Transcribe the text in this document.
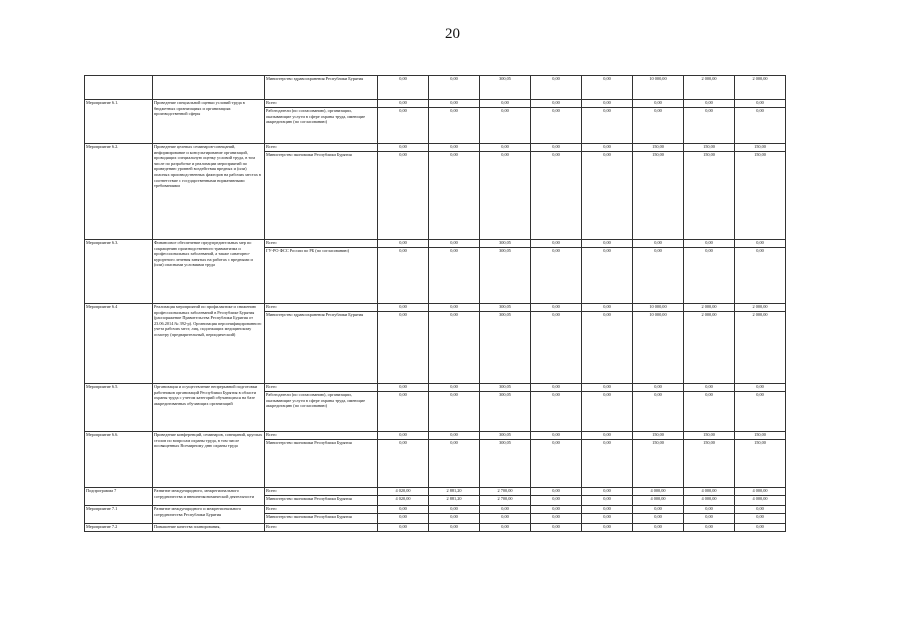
20
		Министерство здравоохранения Республики Бурятия	0,00	0,00	300,05	0,00	0,00	10 000,00	2 000,00	2 000,00
Мероприятие 6.1.	Проведение специальной оценки условий труда в бюджетных организациях и организациях производственной сферы	Всего	0,00	0,00	0,00	0,00	0,00	0,00	0,00	0,00
		Работодатели (по согласованию), организации, оказывающие услуги в сфере охраны труда, имеющие аккредитацию (по согласованию)	0,00	0,00	0,00	0,00	0,00	0,00	0,00	0,00
Мероприятие 6.2.	Проведение целевых семинаров-совещаний, информирование и консультирование организаций, проводящих специальную оценку условий труда, в том числе по разработке и реализации мероприятий по приведению уровней воздействия вредных и (или) опасных производственных факторов на рабочих местах в соответствие с государственными нормативными требованиями	Всего	0,00	0,00	0,00	0,00	0,00	150,00	150,00	150,00
		Министерство экономики Республики Бурятия	0,00	0,00	0,00	0,00	0,00	150,00	150,00	150,00
Мероприятие 6.3.	Финансовое обеспечение предупредительных мер по сокращению производственного травматизма и профессиональных заболеваний, а также санаторно-курортного лечения занятых на работах с вредными и (или) опасными условиями труда	Всего	0,00	0,00	300,05	0,00	0,00	0,00	0,00	0,00
		ГУ-РО ФСС России по РБ (по согласованию)	0,00	0,00	300,05	0,00	0,00	0,00	0,00	0,00
Мероприятие 6.4	Реализация мероприятий по профилактике и снижению профессиональных заболеваний в Республике Бурятия (распоряжение Правительства Республики Бурятия от 23.06.2014 № 392-р). Организация персонифицированного учета рабочих мест, лиц, подлежащих медицинскому осмотру (предварительный, периодический)	Всего	0,00	0,00	300,05	0,00	0,00	10 000,00	2 000,00	2 000,00
		Министерство здравоохранения Республики Бурятия	0,00	0,00	300,05	0,00	0,00	10 000,00	2 000,00	2 000,00
Мероприятие 6.5.	Организация и осуществление непрерывной подготовки работников организаций Республики Бурятия в области охраны труда с учетом категорий обучающихся на базе аккредитованных обучающих организаций	Всего	0,00	0,00	300,05	0,00	0,00	0,00	0,00	0,00
		Работодатели (по согласованию), организации, оказывающие услуги в сфере охраны труда, имеющие аккредитацию (по согласованию)	0,00	0,00	300,05	0,00	0,00	0,00	0,00	0,00
Мероприятие 6.6.	Проведение конференций, семинаров, совещаний, круглых столов по вопросам охраны труда, в том числе посвященных Всемирному дню охраны труда	Всего	0,00	0,00	300,05	0,00	0,00	150,00	150,00	150,00
		Министерство экономики Республики Бурятия	0,00	0,00	300,05	0,00	0,00	150,00	150,00	150,00
Подпрограмма 7	Развитие международного, межрегионального сотрудничества и внешнеэкономической деятельности	Всего	4 020,00	2 881,20	2 700,00	0,00	0,00	4 000,00	4 000,00	4 000,00
		Министерство экономики Республики Бурятия	4 020,00	2 881,20	2 700,00	0,00	0,00	4 000,00	4 000,00	4 000,00
Мероприятие 7.1	Развитие международного и межрегионального сотрудничества Республики Бурятия	Всего	0,00	0,00	0,00	0,00	0,00	0,00	0,00	0,00
		Министерство экономики Республики Бурятия	0,00	0,00	0,00	0,00	0,00	0,00	0,00	0,00
Мероприятие 7.2	Повышение качества планирования,	Всего	0,00	0,00	0,00	0,00	0,00	0,00	0,00	0,00
